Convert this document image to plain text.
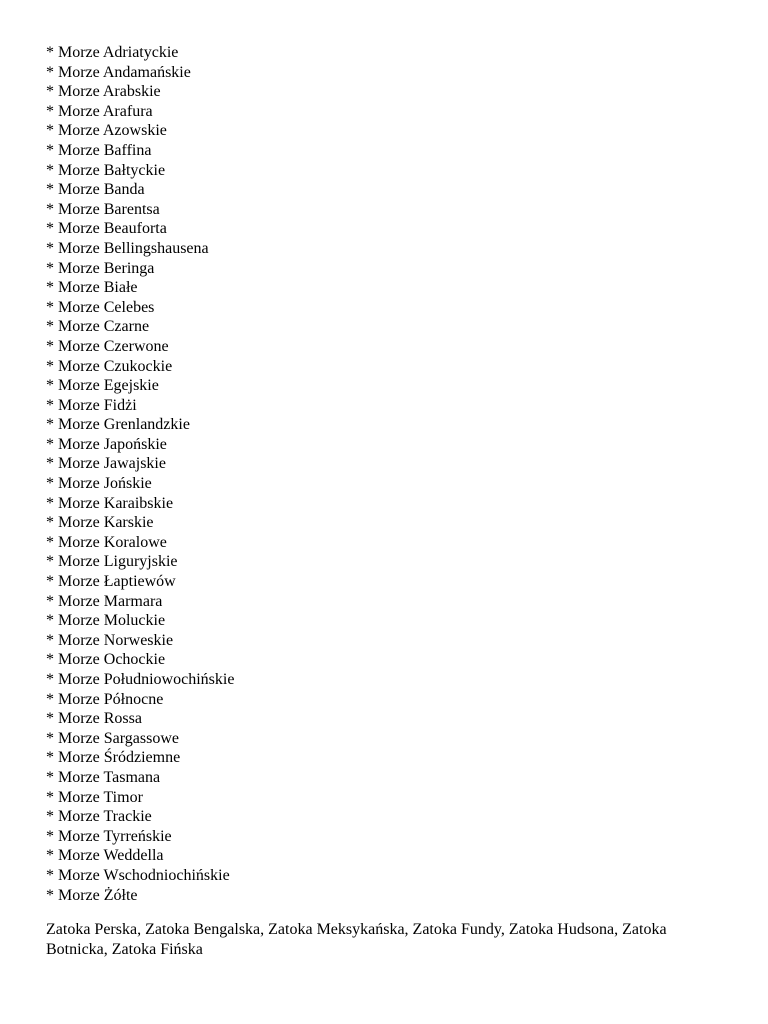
* Morze Adriatyckie
* Morze Andamańskie
* Morze Arabskie
* Morze Arafura
* Morze Azowskie
* Morze Baffina
* Morze Bałtyckie
* Morze Banda
* Morze Barentsa
* Morze Beauforta
* Morze Bellingshausena
* Morze Beringa
* Morze Białe
* Morze Celebes
* Morze Czarne
* Morze Czerwone
* Morze Czukockie
* Morze Egejskie
* Morze Fidżi
* Morze Grenlandzkie
* Morze Japońskie
* Morze Jawajskie
* Morze Jońskie
* Morze Karaibskie
* Morze Karskie
* Morze Koralowe
* Morze Liguryjskie
* Morze Łaptiewów
* Morze Marmara
* Morze Moluckie
* Morze Norweskie
* Morze Ochockie
* Morze Południowochińskie
* Morze Północne
* Morze Rossa
* Morze Sargassowe
* Morze Śródziemne
* Morze Tasmana
* Morze Timor
* Morze Trackie
* Morze Tyrreńskie
* Morze Weddella
* Morze Wschodniochińskie
* Morze Żółte

Zatoka Perska, Zatoka Bengalska, Zatoka Meksykańska, Zatoka Fundy, Zatoka Hudsona, Zatoka Botnicka, Zatoka Fińska
